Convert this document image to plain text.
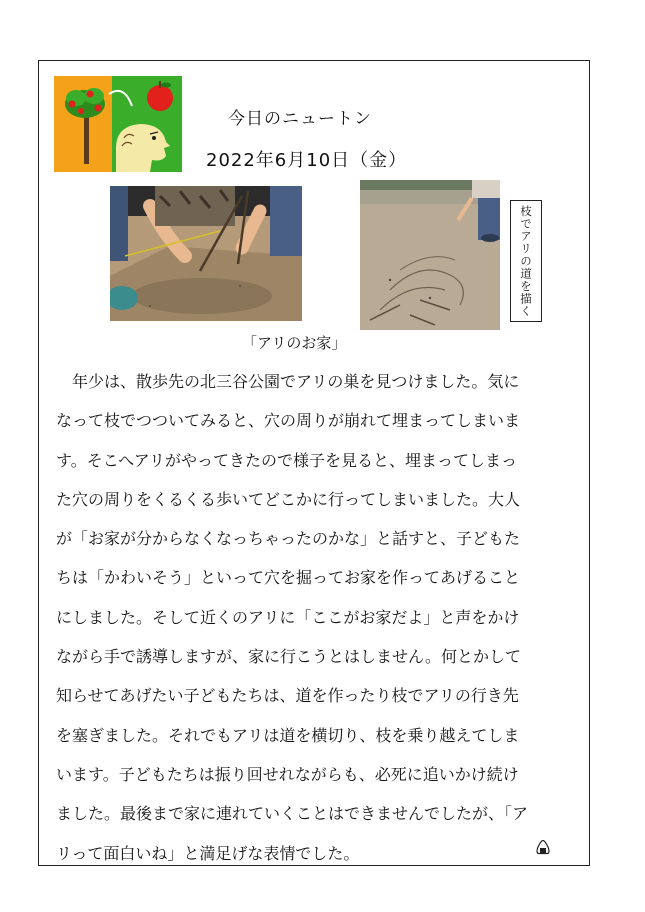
今日のニュートン
2022年6月10日（金）
枝でアリの道を描く
「アリのお家」
　年少は、散歩先の北三谷公園でアリの巣を見つけました。気に
なって枝でつついてみると、穴の周りが崩れて埋まってしまいま
す。そこへアリがやってきたので様子を見ると、埋まってしまっ
た穴の周りをくるくる歩いてどこかに行ってしまいました。大人
が「お家が分からなくなっちゃったのかな」と話すと、子どもた
ちは「かわいそう」といって穴を掘ってお家を作ってあげること
にしました。そして近くのアリに「ここがお家だよ」と声をかけ
ながら手で誘導しますが、家に行こうとはしません。何とかして
知らせてあげたい子どもたちは、道を作ったり枝でアリの行き先
を塞ぎました。それでもアリは道を横切り、枝を乗り越えてしま
います。子どもたちは振り回せれながらも、必死に追いかけ続け
ました。最後まで家に連れていくことはできませんでしたが、「ア
リって面白いね」と満足げな表情でした。
